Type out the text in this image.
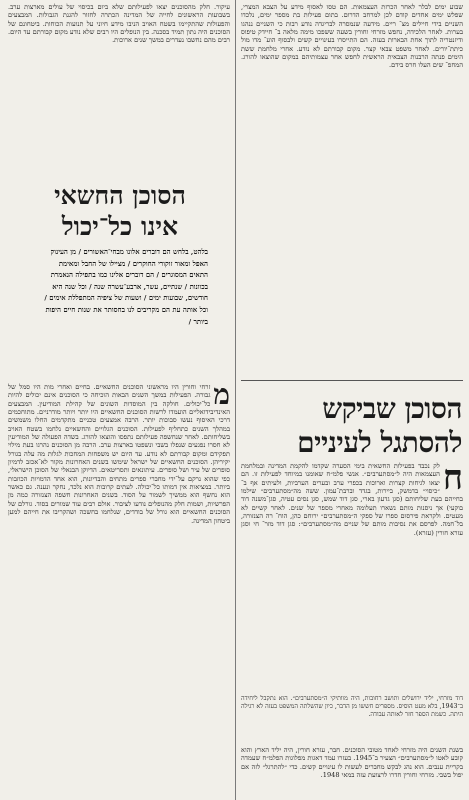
שבוע ימים לבלר לאחר הכרזת העצמאות. הם טסו לאסוף מידע על הצבא המצרי, שפלש ימים אחדים קודם לכן למרחב הדרום. בתום פעילות בת מספר ימים, נלכדו השניים בידי חיילים מצ־ ריים. מידעה שנמסרה לבריגדה נודע רבות כי השניים ננהגו בערות. לאחר הלכידה, נחפש מזרחי וחורין בשעה ששפכו מימה מלאה ב־ חיידק טיפוס ודיזנטריה לתוך אחת הבארות בעזה. הם התייסרו בעינויים קשים ולבסוף הוע־ מדו מול כיתת־יורים. לאחר משפט צבאי קצר. מקום קבורתם לא נודע. אחרי מלחמת ששת הימים פנתה הרבנות הצבאית הראשית לחפש אחר עצמותיהם במקום שהוצאו להורג. המחפ־ שים העלו חרס בידם.

הסוכן שביקש
להסתגל לעיניים
ח

לק נכבד בפעילות החשאית בימי הסערה שקדמו להקמת המדינה ובמלחמת העצמאות היה ל״מסתערבים״. אנשי פלמ״ח שאומנו במיוחד לפעילות זו. הם יצאו לגיחות קצרות וארוכות בכפרי ערב ובערים הערביות, ולעיתים אף ב־ ״כיסוי״ בדמשק, ביירות, בגדד וברבת־עמון. ששה מה״מסתערבים״ שילמו בחייהם בעת שליחותם (סגן גדעון בארי, סגן דוד שמש, סגן נסים עטיה, סגן־משנה דוד בוקעי) אך ניסנות מותם נשארו תעלומה מאחרי מספר של שנים. לאחר קשיים לא מעטים. ולקראת פירסום ספרו של ספקי ה״מסתערבים״ ירוחם כהן, הוח־ רה הצנזורה, בל־חמה. לפרסם את נסיבות מותם של שניים מה״מסתערבים״: סגן דוד מזר־ חי וסגן עזרא חורין (עזרא).

דוד מזרחי, יליד ירושלים ותושב רחובות, היה מוותיקי ה״מסתערבים״. הוא נתקבל ליחידה ב־1943, בלא מעט הוסיס. מספרים חששו מן הדבר, כיון שהשלתה המשפט בעזה לא רגילה היתה. כשמת הספר חזר לאותה עבודה.

בשנת השנים היה מזרחי לאחד מטובי הסוכנים. חבר, עזרא חורין, היה יליד הארץ והוא קובע לאטו ל״מסתערבים״ הצעיר ב־1945. בעזרו עמד דאגות מפלוגות הפלמ״ח שעמדה בקריית ענבים. הוא נהג לבקש מחברים לעשות לו עינויים קשים. כדי ״להתרגל״ לזה אם יפול בשבי. מזרחי וחורין חדרו לרצועת עזה במאי 1948.

עיקור. חלק מהסוכנים יצאו לפעילותם שלא ביום בכיסוי של עולים מארצות ערב. בשבועות הראשונים לחייה של המדינה הכתרה לחזור להגנת הגבולות. המבצעים והפעולות שהתקיימו בשטח האויב הניבו מידע חיוני על תנועות הכוחות. ביטחונם של הסוכנים היה נתון תמיד בסכנה. בין הנופלים היו רבים שלא נודע מקום קבורתם עד היום. רבים מהם נחשבו נעדרים במשך שנים ארוכות.

הסוכן החשאי
אינו כל־יכול

בלהט, בלחש הם דוברים אלונו מבחי־האשורים / מן העינוק האפל ומאור זוקורי החוקרים / מציילו של החבל ומאימת התאים המסוגרים / הם דוברים אלינו כמו בתפילה הנאמרת בכוונות / שנתיים, עשר, ארבע־עשרה שנה / וכל שנה היא חודשים, שבועות ימים / ושעות של ציפיה המתפללת אימים / וכל אותה עת הם מקריבים לנו בחסותר את שנות חיים היפות ביותר /

מ

זרחי וחורין היו מראשוני הסוכנים החשאיים. בחיים ואחרי מות היו סמל של גבורה. הפעילות במשך השנים הבאות הוכיחה כי הסוכנים אינם יכולים להיות כל־יכולים. חולקה בין המוסדות השונים של קהילת המודיעין. המבצעים האינדיבידואליים הועמדו לרשות הסוכנים החשאיים היו יותר ויותר מודרניים. מתוחכמים דרכי האיסוף נעשו סבוכות יותר. הרבה אמצעים טכניים מתקדמים החלו משמשים במהלך השנים כתחליף לפעילות. הסוכנים הגלויים והחשאיים נלחמו בשטח האויב בשליחותם. לאחר שנחשפה פעילותם נתפסו והוצאו להורג. בשדה הפעולה של המודיעין לא חסרו נפגעים שנפלו בשבי ונשפטו בארצות ערב. הרבה מן הסוכנים נהרגו בעת מילוי תפקידם ומקום קבורתם לא נודע. עד היום יש משפחות המחכות לגלות מה עלה בגורל יקיריהן. הסוכנים החשאיים של ישראל שימשו בשנים האחרונות מקור לא־אכזב לדמיון סופרים של עיר ושל סופרים. עיתונאים ותסריטאים. הדיוקן הבנאלי של הסוכן הישראלי, כפי שהוא נרקם על־ידי מחברי ספרים מתחים והבדיונות, הוא אחד הדמויות הכוזבות ביותר. במציאות אין דמותו כל־יכולה. לעתים קרובות הוא נלכד, נחקר ונענה. גם כאשר הוא נחשף הוא ממשיך לשמור על הסוד. בשנים האחרונות חשפה הצנזורה כמה מן הפרשיות, ושמות חלק מהנופלים נודעו לציבור. אולם רבים עוד שמורים בסוד. גורלם של הסוכנים החשאיים הוא גורל של בודדים, שנלחמו בחשכה ושהקריבו את חייהם למען ביטחון המדינה.
